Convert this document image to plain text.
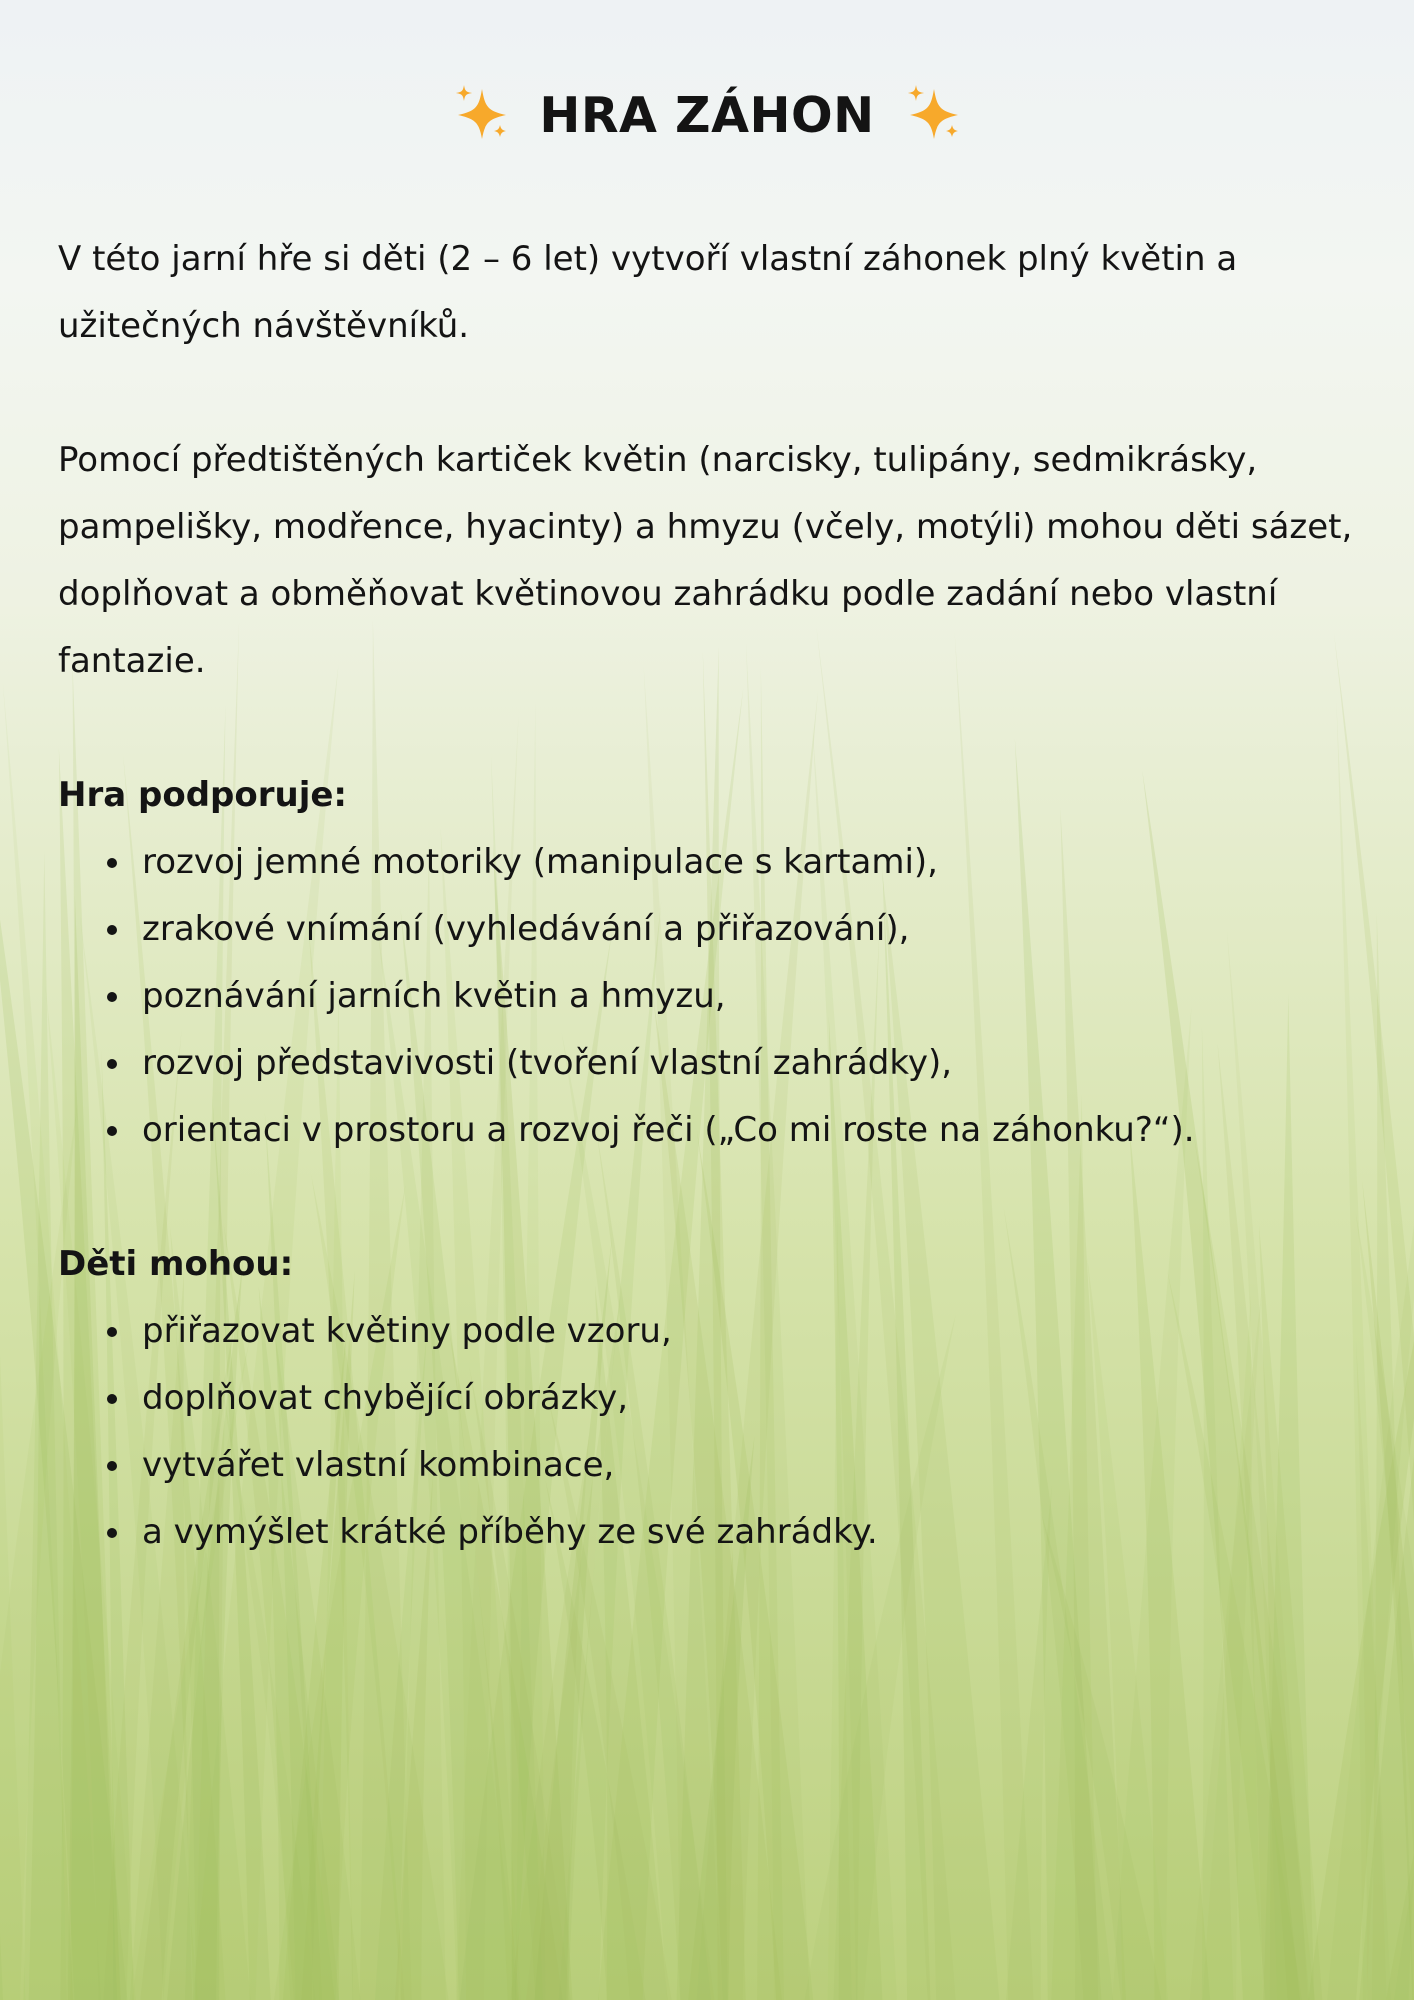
HRA ZÁHON

V této jarní hře si děti (2 – 6 let) vytvoří vlastní záhonek plný květin a užitečných návštěvníků.

Pomocí předtištěných kartiček květin (narcisky, tulipány, sedmikrásky, pampelišky, modřence, hyacinty) a hmyzu (včely, motýli) mohou děti sázet, doplňovat a obměňovat květinovou zahrádku podle zadání nebo vlastní fantazie.

Hra podporuje:

rozvoj jemné motoriky (manipulace s kartami),
zrakové vnímání (vyhledávání a přiřazování),
poznávání jarních květin a hmyzu,
rozvoj představivosti (tvoření vlastní zahrádky),
orientaci v prostoru a rozvoj řeči („Co mi roste na záhonku?“).

Děti mohou:

přiřazovat květiny podle vzoru,
doplňovat chybějící obrázky,
vytvářet vlastní kombinace,
a vymýšlet krátké příběhy ze své zahrádky.
